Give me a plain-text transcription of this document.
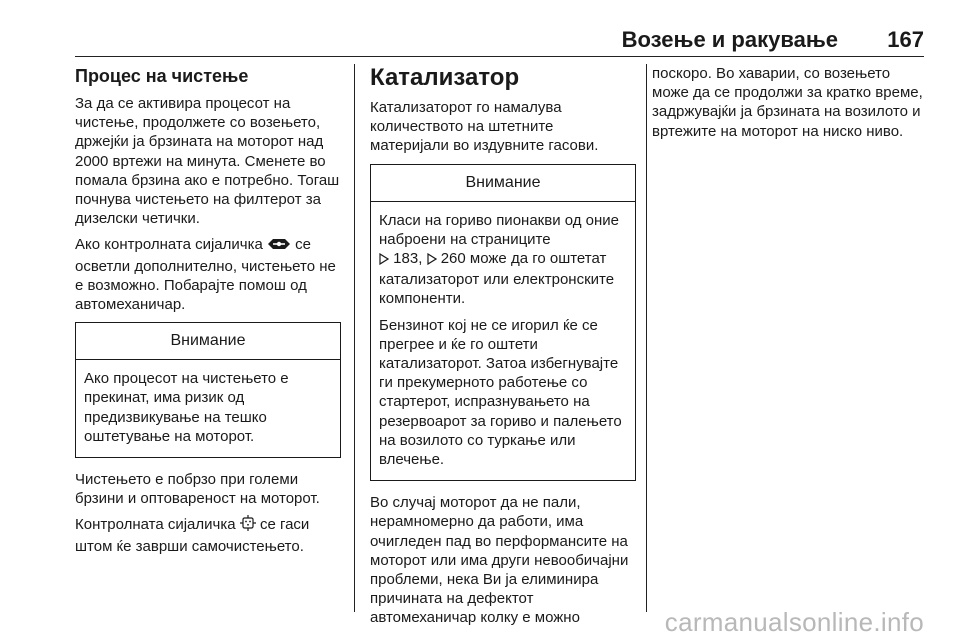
Возење и ракување 167
Процес на чистење

За да се активира процесот на чистење, продолжете со возењето, држејќи ја брзината на моторот над 2000 вртежи на минута. Сменете во помала брзина ако е потребно. Тогаш почнува чистењето на филтерот за дизелски четички.

Ако контролната сијаличка се осветли дополнително, чистењето не е возможно. Побарајте помош од автомеханичар.

Внимание

Ако процесот на чистењето е прекинат, има ризик од предизвикување на тешко оштетување на моторот.

Чистењето е побрзо при големи брзини и оптовареност на моторот.

Контролната сијаличка се гаси штом ќе заврши самочистењето.

Катализатор

Катализаторот го намалува количеството на штетните материјали во издувните гасови.

Внимание

Класи на гориво пионакви од оние наброени на страниците
183, 260 може да го оштетат катализаторот или електронските компоненти.

Бензинот кој не се игорил ќе се прегрее и ќе го оштети катализаторот. Затоа избегнувајте ги прекумерното работење со стартерот, испразнувањето на резервоарот за гориво и палењето на возилото со туркање или влечење.

Во случај моторот да не пали, нерамномерно да работи, има очигледен пад во перформансите на моторот или има други невообичајни проблеми, нека Ви ја елиминира причината на дефектот автомеханичар колку е можно

поскоро. Во хаварии, со возењето може да се продолжи за кратко време, задржувајќи ја брзината на возилото и вртежите на моторот на ниско ниво.

carmanualsonline.info
